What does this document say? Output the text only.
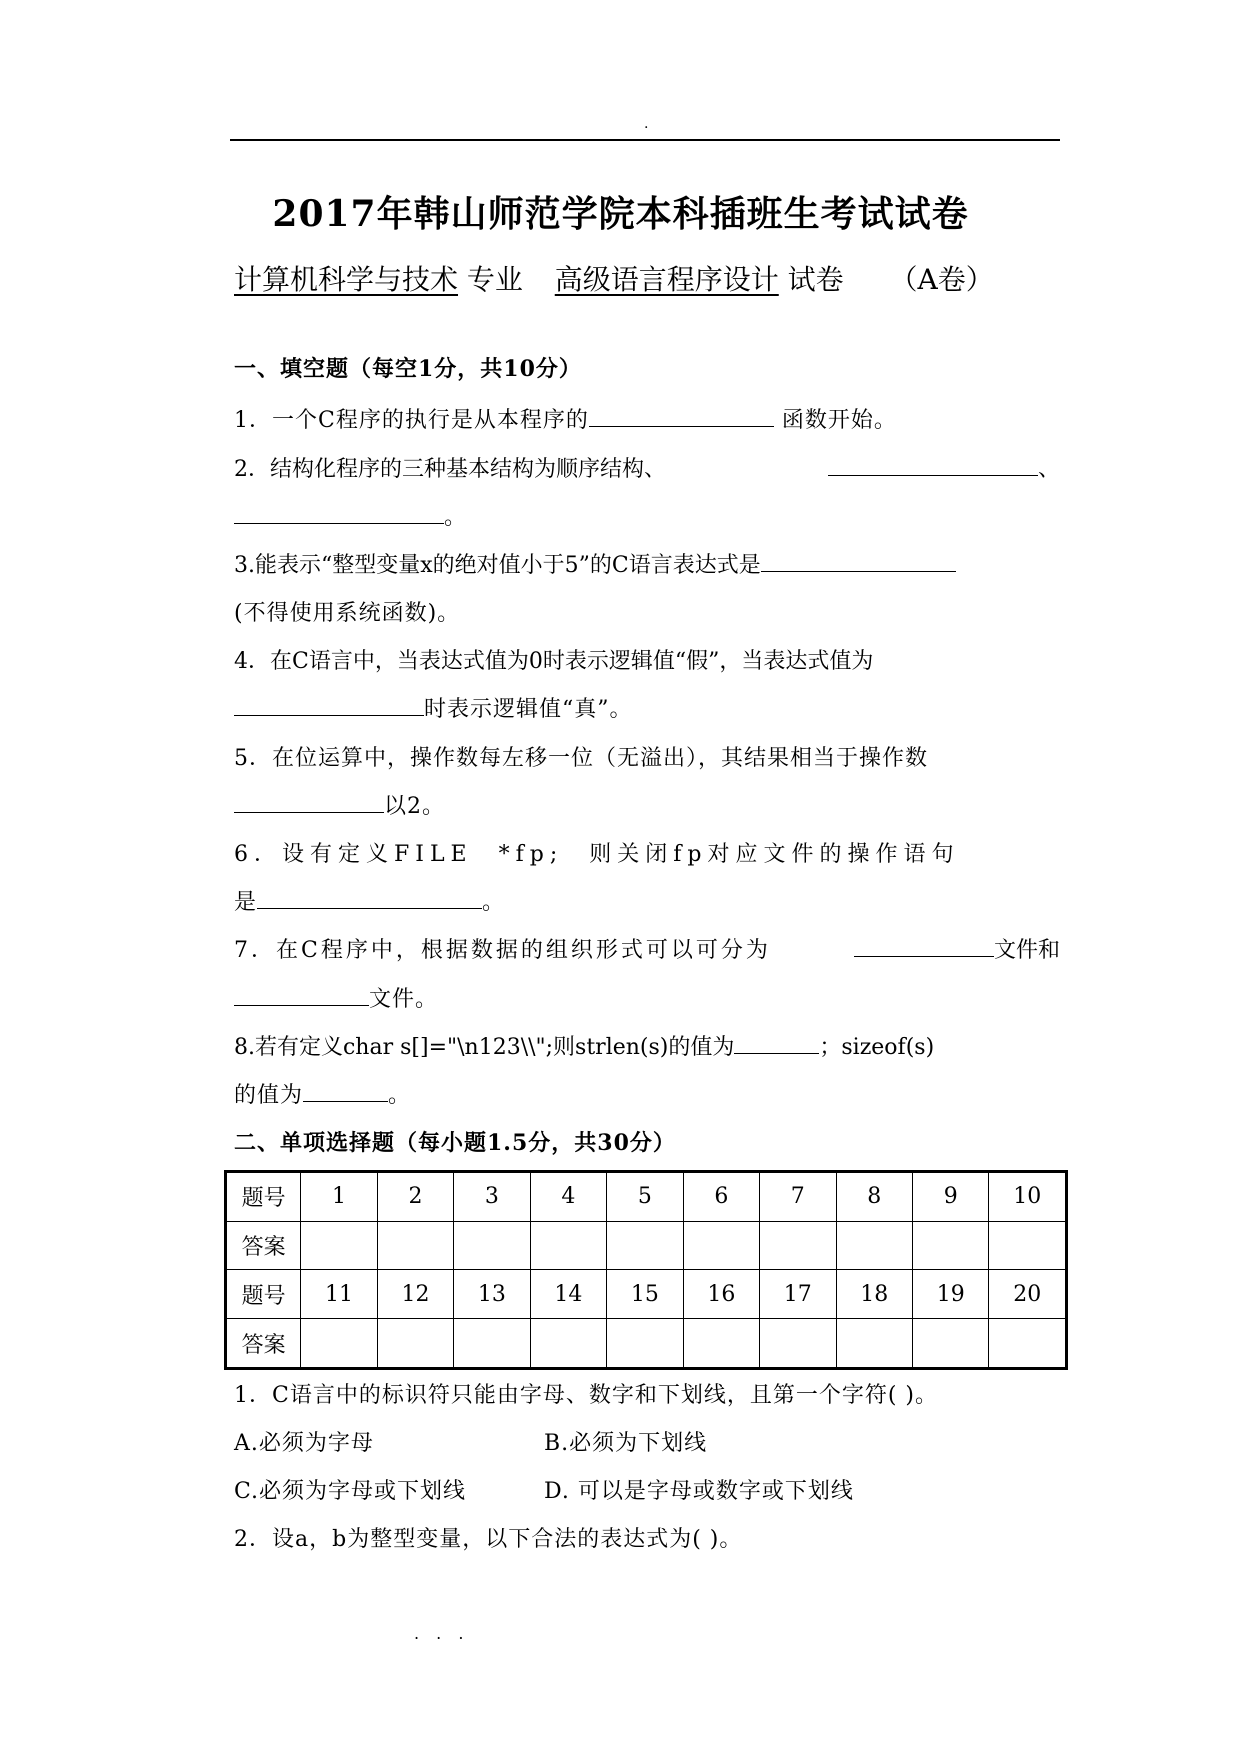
.
2017年韩山师范学院本科插班生考试试卷
计算机科学与技术 专业 高级语言程序设计 试卷 （A卷）
一、填空题（每空1分，共10分）
1．一个C程序的执行是从本程序的	函数开始。
2．结构化程序的三种基本结构为顺序结构、	、
。
3.能表示“整型变量x的绝对值小于5”的C语言表达式是
(不得使用系统函数)。
4．在C语言中，当表达式值为0时表示逻辑值“假”，当表达式值为
时表示逻辑值“真”。
5．在位运算中，操作数每左移一位（无溢出），其结果相当于操作数
以2。
6．设有定义FILE  *fp;  则关闭fp对应文件的操作语句
是	。
7．在C程序中，根据数据的组织形式可以可分为	文件和
文件。
8.若有定义char s[]="\n123\\";则strlen(s)的值为	；sizeof(s)
的值为	。
二、单项选择题（每小题1.5分，共30分）
题号	1	2	3	4	5	6	7	8	9	10
答案										
题号	11	12	13	14	15	16	17	18	19	20
答案										
1．C语言中的标识符只能由字母、数字和下划线，且第一个字符( )。
A.必须为字母	B.必须为下划线
C.必须为字母或下划线	D. 可以是字母或数字或下划线
2．设a，b为整型变量，以下合法的表达式为( )。
. . .
